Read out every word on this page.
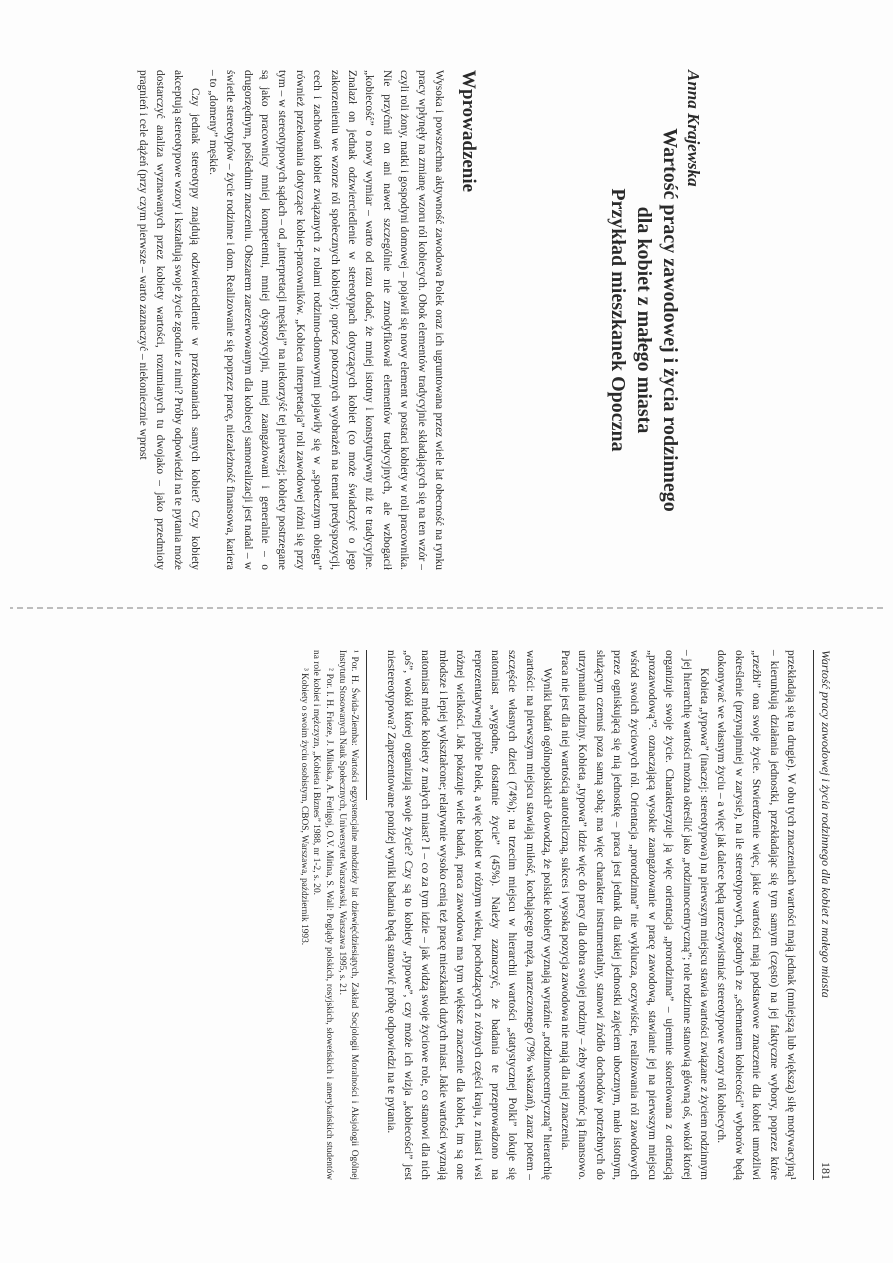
Anna Krajewska
Wartość pracy zawodowej i życia rodzinnego
dla kobiet z małego miasta
Przykład mieszkanek Opoczna
Wprowadzenie

Wysoka i powszechna aktywność zawodowa Polek oraz ich ugruntowana przez wiele lat obecność na rynku pracy wpłynęły na zmianę wzoru ról kobiecych. Obok elementów tradycyjnie składających się na ten wzór – czyli roli żony, matki i gospodyni domowej – pojawił się nowy element w postaci kobiety w roli pracownika. Nie przyćmił on ani nawet szczególnie nie zmodyfikował elementów tradycyjnych, ale wzbogacił „kobiecość” o nowy wymiar – warto od razu dodać, że mniej istotny i konstytutywny niż te tradycyjne. Znalazł on jednak odzwierciedlenie w stereotypach dotyczących kobiet (co może świadczyć o jego zakorzenieniu we wzorze ról społecznych kobiety); oprócz potocznych wyobrażeń na temat predyspozycji, cech i zachowań kobiet związanych z rolami rodzinno-domowymi pojawiły się w „społecznym obiegu” również przekonania dotyczące kobiet-pracowników. „Kobieca interpretacja” roli zawodowej różni się przy tym – w stereotypowych sądach – od „interpretacji męskiej” na niekorzyść tej pierwszej; kobiety postrzegane są jako pracownicy mniej kompetentni, mniej dyspozycyjni, mniej zaangażowani i generalnie – o drugorzędnym, poślednim znaczeniu. Obszarem zarezerwowanym dla kobiecej samorealizacji jest nadal – w świetle stereotypów – życie rodzinne i dom. Realizowanie się poprzez pracę, niezależność finansowa, kariera – to „domeny” męskie.

Czy jednak stereotypy znajdują odzwierciedlenie w przekonaniach samych kobiet? Czy kobiety akceptują stereotypowe wzory i kształtują swoje życie zgodnie z nimi? Próby odpowiedzi na te pytania może dostarczyć analiza wyznawanych przez kobiety wartości, rozumianych tu dwojako – jako przedmioty pragnień i cele dążeń (przy czym pierwsze – warto zaznaczyć – niekoniecznie wprost

Wartość pracy zawodowej i życia rodzinnego dla kobiet z małego miasta
181

przekładają się na drugie). W obu tych znaczeniach wartości mają jednak (mniejszą lub większą) siłę motywacyjną¹ – kierunkują działania jednostki, przekładając się tym samym (często) na jej faktyczne wybory, poprzez które „rzeźbi” ona swoje życie. Stwierdzenie więc, jakie wartości mają podstawowe znaczenie dla kobiet umożliwi określenie (przynajmniej w zarysie), na ile stereotypowych, zgodnych ze „schematem kobiecości” wyborów będą dokonywać we własnym życiu – a więc jak dalece będą urzeczywistniać stereotypowe wzory ról kobiecych.

Kobieta „typowa” (inaczej: stereotypowa) na pierwszym miejscu stawia wartości związane z życiem rodzinnym – jej hierarchię wartości można określić jako „rodzinnocentryczną”; role rodzinne stanowią główną oś, wokół której organizuje swoje życie. Charakteryzuje ją więc orientacja „prorodzinna” – ujemnie skorelowana z orientacją „prozawodową”². oznaczającą wysokie zaangażowanie w pracę zawodową, stawianie jej na pierwszym miejscu wśród swoich życiowych ról. Orientacja „prorodzinna” nie wyklucza, oczywiście, realizowania ról zawodowych przez ogniskującą się nią jednostkę – praca jest jednak dla takiej jednostki zajęciem ubocznym, mało istotnym, służącym czemuś poza samą sobą; ma więc charakter instrumentalny, stanowi źródło dochodów potrzebnych do utrzymania rodziny. Kobieta „typowa” idzie więc do pracy dla dobra swojej rodziny – żeby wspomóc ją finansowo. Praca nie jest dla niej wartością autoteliczną, sukces i wysoka pozycja zawodowa nie mają dla niej znaczenia.

Wyniki badań ogólnopolskich³ dowodzą, że polskie kobiety wyznają wyraźnie „rodzinnocentryczną” hierarchię wartości: na pierwszym miejscu stawiają miłość, kochającego męża, narzeczonego (79% wskazań), zaraz potem – szczęście własnych dzieci (74%); na trzecim miejscu w hierarchii wartości „statystycznej Polki” lokuje się natomiast „wygodne, dostatnie życie” (45%). Należy zaznaczyć, że badania te przeprowadzono na reprezentatywnej próbie Polek, a więc kobiet w różnym wieku, pochodzących z różnych części kraju, z miast i wsi różnej wielkości. Jak pokazuje wiele badań, praca zawodowa ma tym większe znaczenie dla kobiet, im są one młodsze i lepiej wykształcone; relatywnie wysoko cenią też pracę mieszkanki dużych miast. Jakie wartości wyznają natomiast młode kobiety z małych miast? I – co za tym idzie – jak widzą swoje życiowe role, co stanowi dla nich „oś”, wokół której organizują swoje życie? Czy są to kobiety „typowe”, czy może ich wizja „kobiecości” jest niestereotypowa? Zaprezentowane poniżej wyniki badania będą stanowić próbę odpowiedzi na te pytania.

¹ Por. H. Świda-Ziemba: Wartości egzystencjalne młodzieży lat dziewięćdziesiątych, Zakład Socjologii Moralności i Aksjologii Ogólnej Instytutu Stosowanych Nauk Społecznych, Uniwersytet Warszawski, Warszawa 1995, s. 21.

² Por. I. H. Frieze, J. Miluska, A. Ferligoj, O.V. Mitina, S. Wall: Poglądy polskich, rosyjskich, słoweńskich i amerykańskich studentów na role kobiet i mężczyzn, „Kobieta i Biznes” 1988, nr 1-2, s. 20.

³ Kobiety o swoim życiu osobistym, CBOS, Warszawa, październik 1993.
